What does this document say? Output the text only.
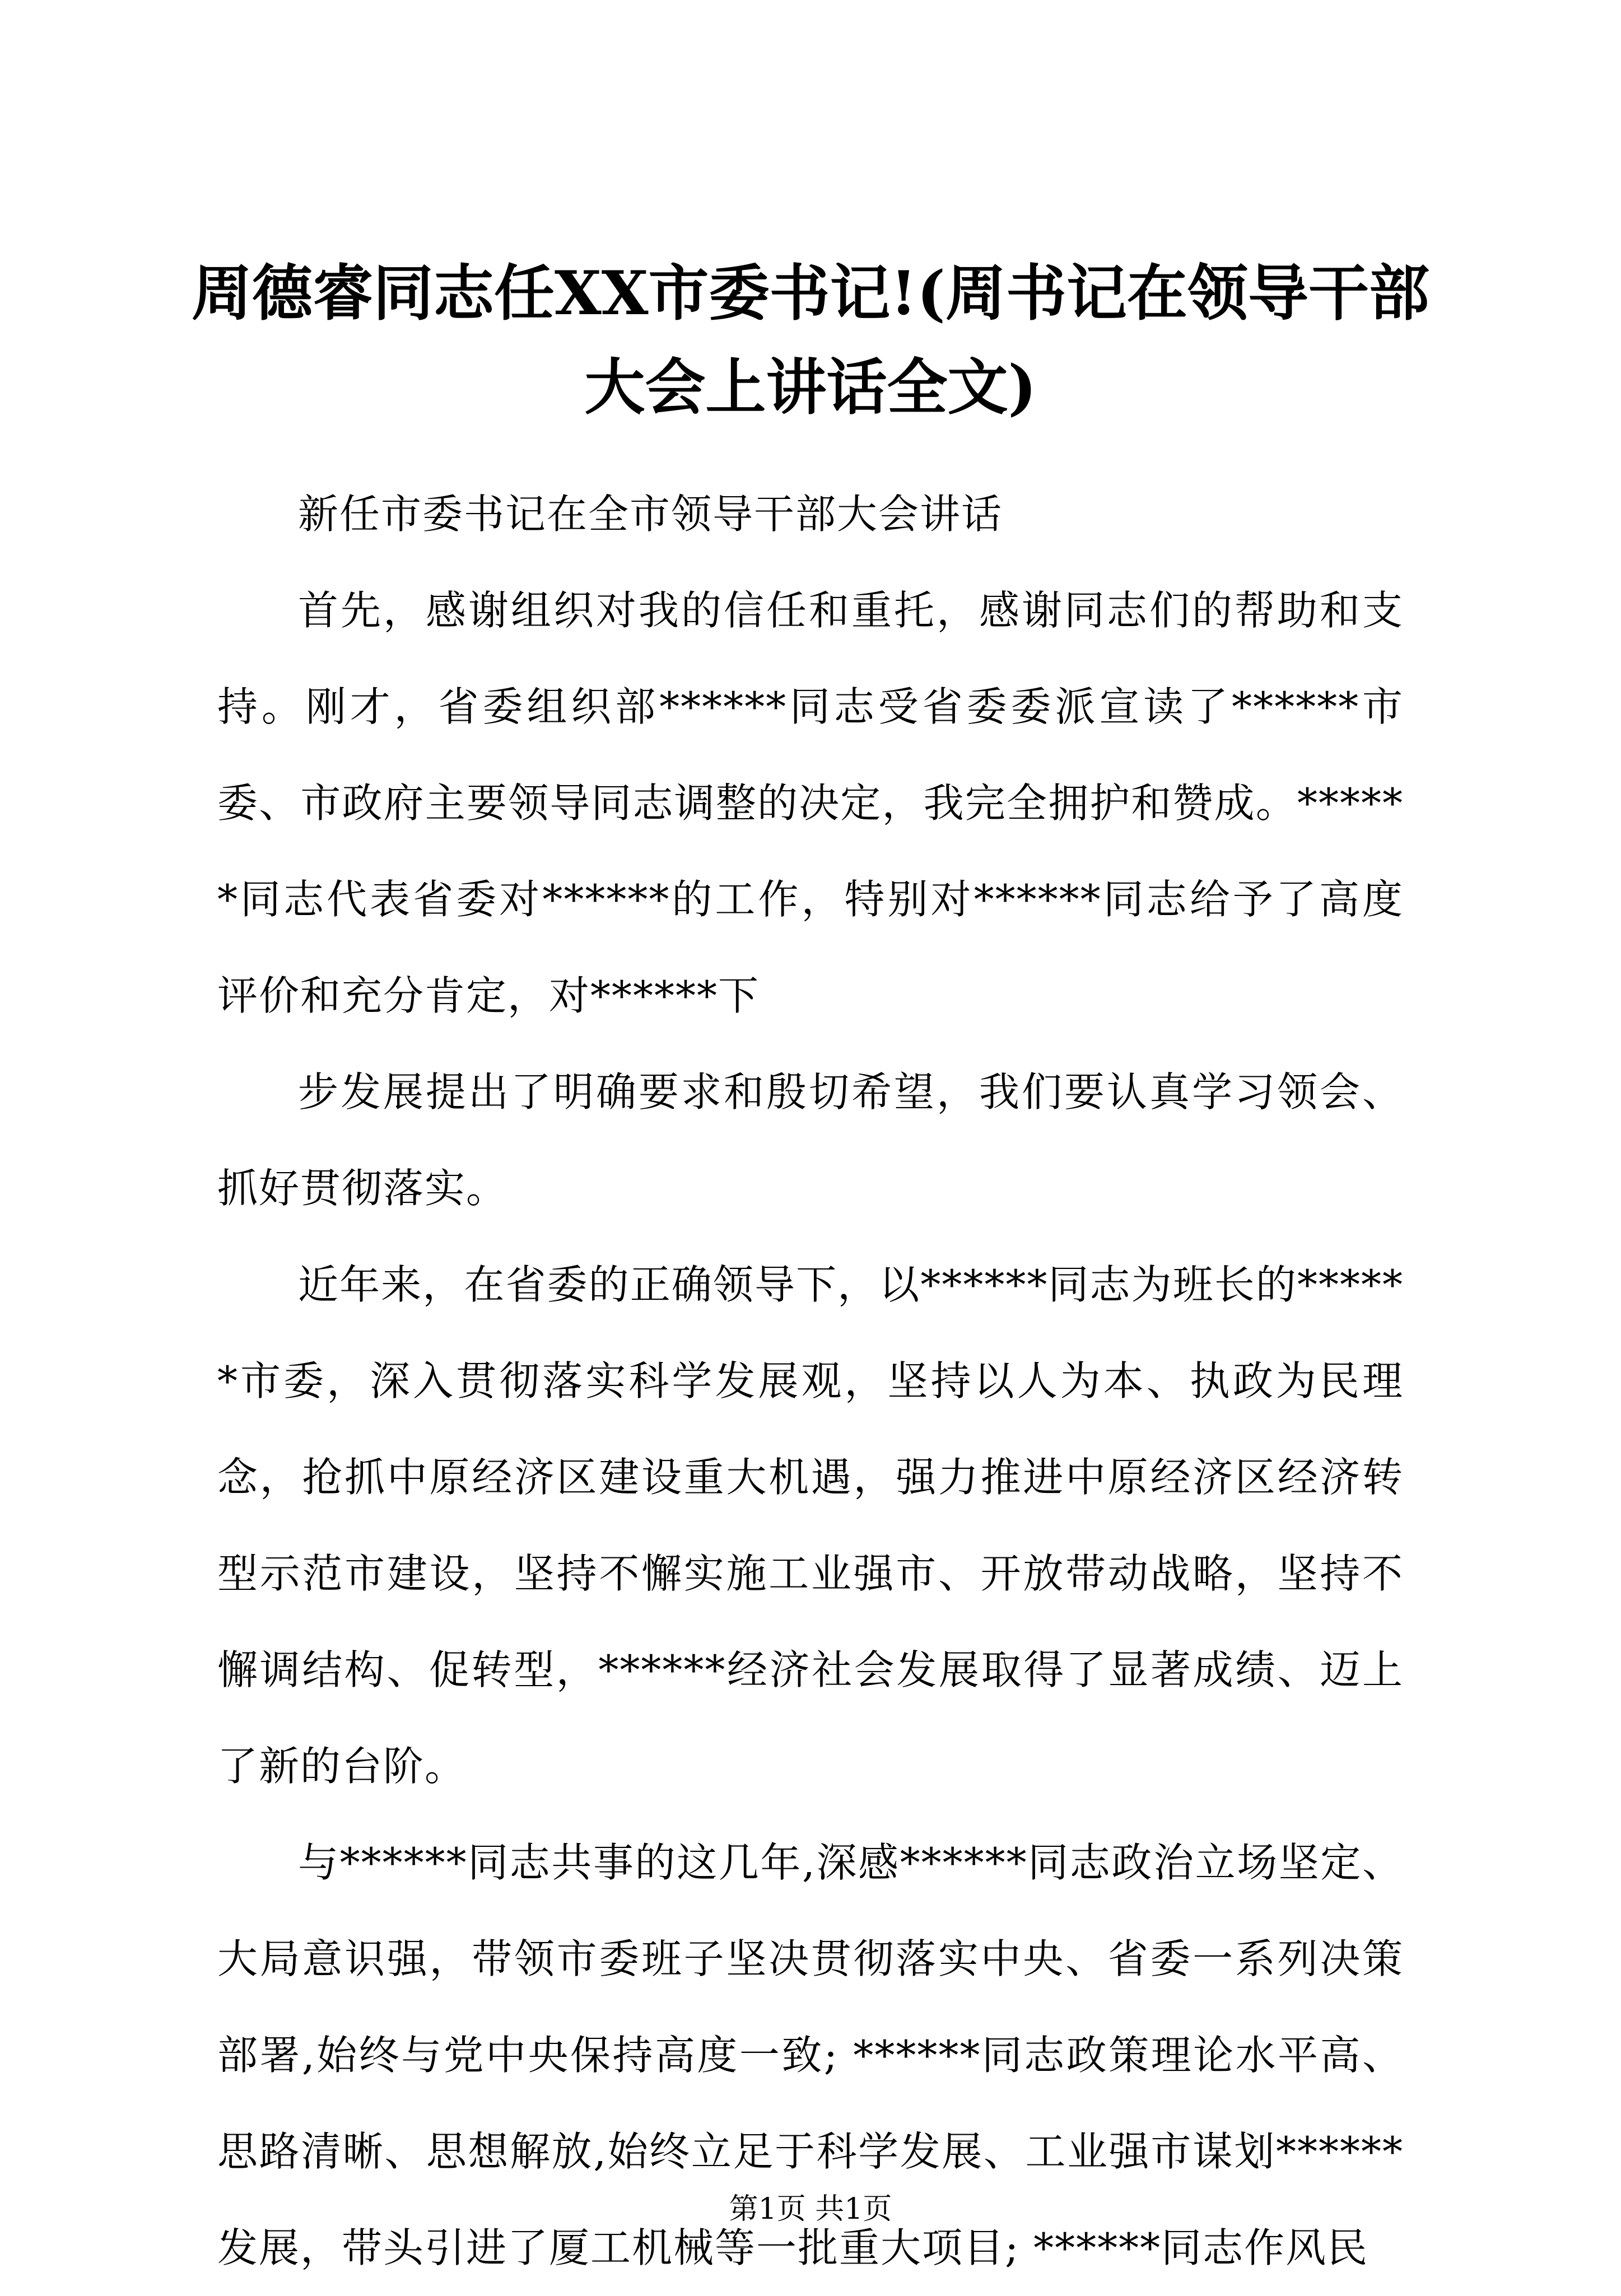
周德睿同志任XX市委书记!(周书记在领导干部大会上讲话全文)

新任市委书记在全市领导干部大会讲话

首先，感谢组织对我的信任和重托，感谢同志们的帮助和支持。刚才，省委组织部******同志受省委委派宣读了******市委、市政府主要领导同志调整的决定，我完全拥护和赞成。******同志代表省委对******的工作，特别对******同志给予了高度评价和充分肯定，对******下

步发展提出了明确要求和殷切希望，我们要认真学习领会、抓好贯彻落实。

近年来，在省委的正确领导下，以******同志为班长的******市委，深入贯彻落实科学发展观，坚持以人为本、执政为民理念，抢抓中原经济区建设重大机遇，强力推进中原经济区经济转型示范市建设，坚持不懈实施工业强市、开放带动战略，坚持不懈调结构、促转型，******经济社会发展取得了显著成绩、迈上了新的台阶。

与******同志共事的这几年,深感******同志政治立场坚定、大局意识强，带领市委班子坚决贯彻落实中央、省委一系列决策部署,始终与党中央保持高度一致; ******同志政策理论水平高、思路清晰、思想解放,始终立足于科学发展、工业强市谋划******发展，带头引进了厦工机械等一批重大项目; ******同志作风民

第1页 共1页
